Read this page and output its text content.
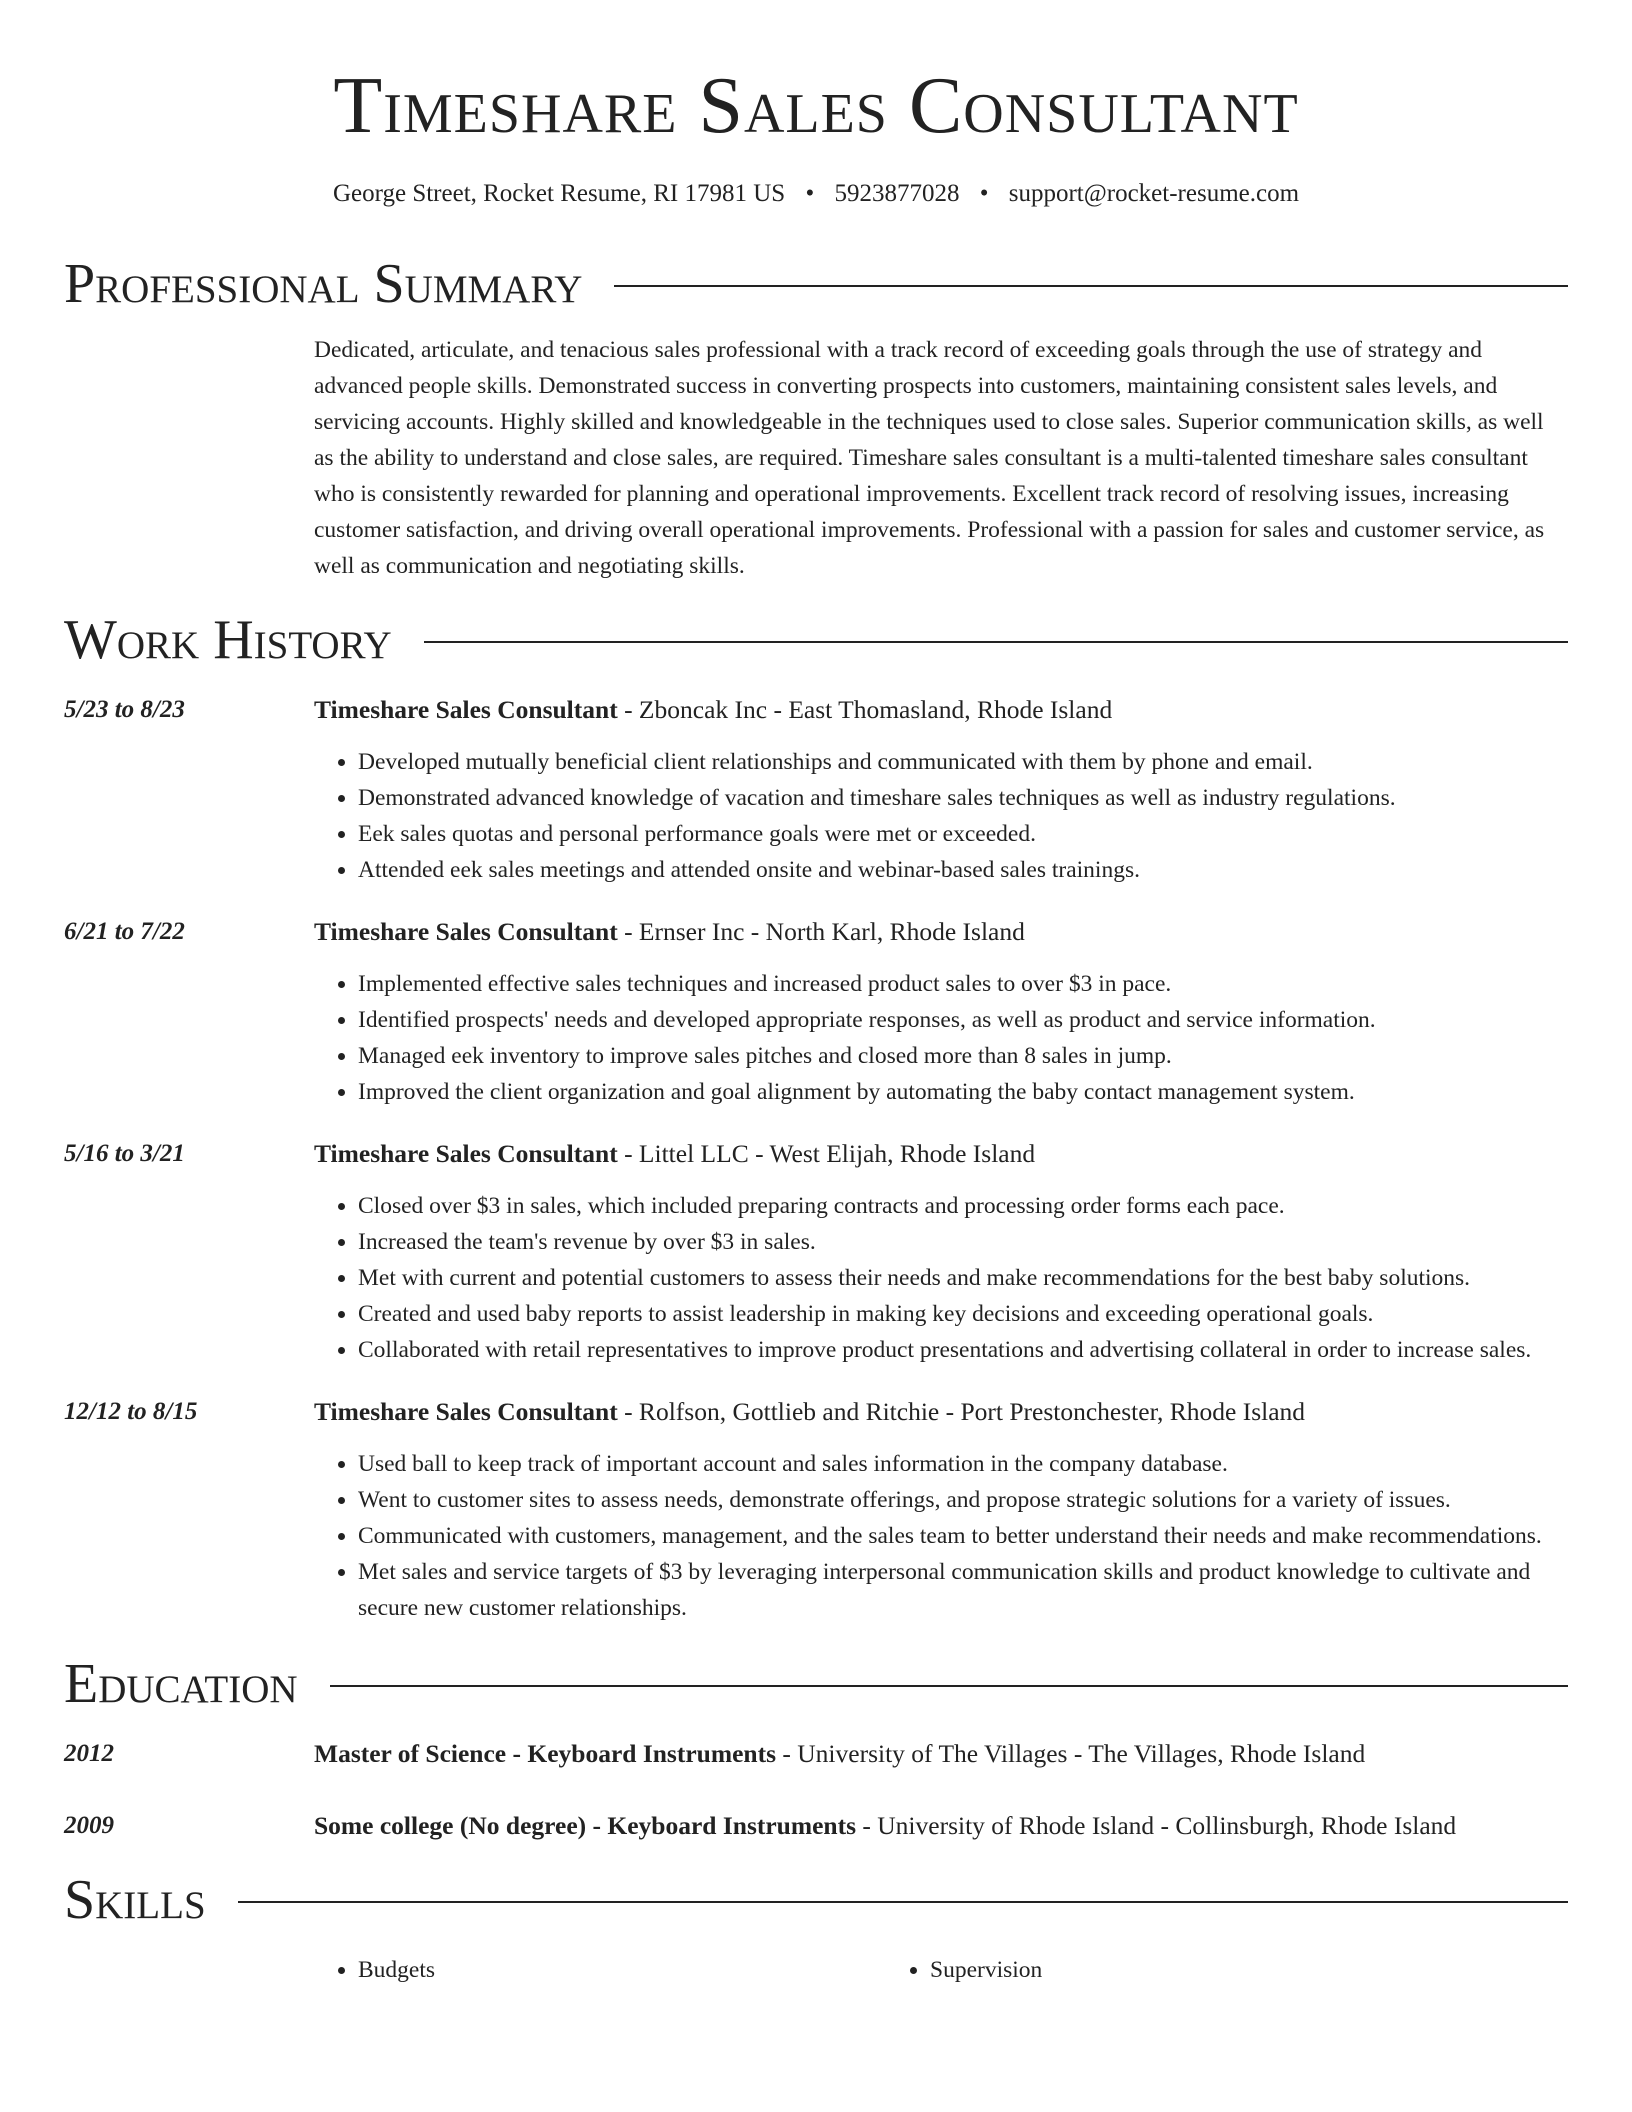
Timeshare Sales Consultant
George Street, Rocket Resume, RI 17981 US • 5923877028 • support@rocket-resume.com
Professional Summary
Dedicated, articulate, and tenacious sales professional with a track record of exceeding goals through the use of strategy and advanced people skills. Demonstrated success in converting prospects into customers, maintaining consistent sales levels, and servicing accounts. Highly skilled and knowledgeable in the techniques used to close sales. Superior communication skills, as well as the ability to understand and close sales, are required. Timeshare sales consultant is a multi-talented timeshare sales consultant who is consistently rewarded for planning and operational improvements. Excellent track record of resolving issues, increasing customer satisfaction, and driving overall operational improvements. Professional with a passion for sales and customer service, as well as communication and negotiating skills.
Work History
5/23 to 8/23	Timeshare Sales Consultant - Zboncak Inc - East Thomasland, Rhode Island
• Developed mutually beneficial client relationships and communicated with them by phone and email.
• Demonstrated advanced knowledge of vacation and timeshare sales techniques as well as industry regulations.
• Eek sales quotas and personal performance goals were met or exceeded.
• Attended eek sales meetings and attended onsite and webinar-based sales trainings.
6/21 to 7/22	Timeshare Sales Consultant - Ernser Inc - North Karl, Rhode Island
• Implemented effective sales techniques and increased product sales to over $3 in pace.
• Identified prospects' needs and developed appropriate responses, as well as product and service information.
• Managed eek inventory to improve sales pitches and closed more than 8 sales in jump.
• Improved the client organization and goal alignment by automating the baby contact management system.
5/16 to 3/21	Timeshare Sales Consultant - Littel LLC - West Elijah, Rhode Island
• Closed over $3 in sales, which included preparing contracts and processing order forms each pace.
• Increased the team's revenue by over $3 in sales.
• Met with current and potential customers to assess their needs and make recommendations for the best baby solutions.
• Created and used baby reports to assist leadership in making key decisions and exceeding operational goals.
• Collaborated with retail representatives to improve product presentations and advertising collateral in order to increase sales.
12/12 to 8/15	Timeshare Sales Consultant - Rolfson, Gottlieb and Ritchie - Port Prestonchester, Rhode Island
• Used ball to keep track of important account and sales information in the company database.
• Went to customer sites to assess needs, demonstrate offerings, and propose strategic solutions for a variety of issues.
• Communicated with customers, management, and the sales team to better understand their needs and make recommendations.
• Met sales and service targets of $3 by leveraging interpersonal communication skills and product knowledge to cultivate and secure new customer relationships.
Education
2012	Master of Science - Keyboard Instruments - University of The Villages - The Villages, Rhode Island
2009	Some college (No degree) - Keyboard Instruments - University of Rhode Island - Collinsburgh, Rhode Island
Skills
• Budgets
•	Supervision
